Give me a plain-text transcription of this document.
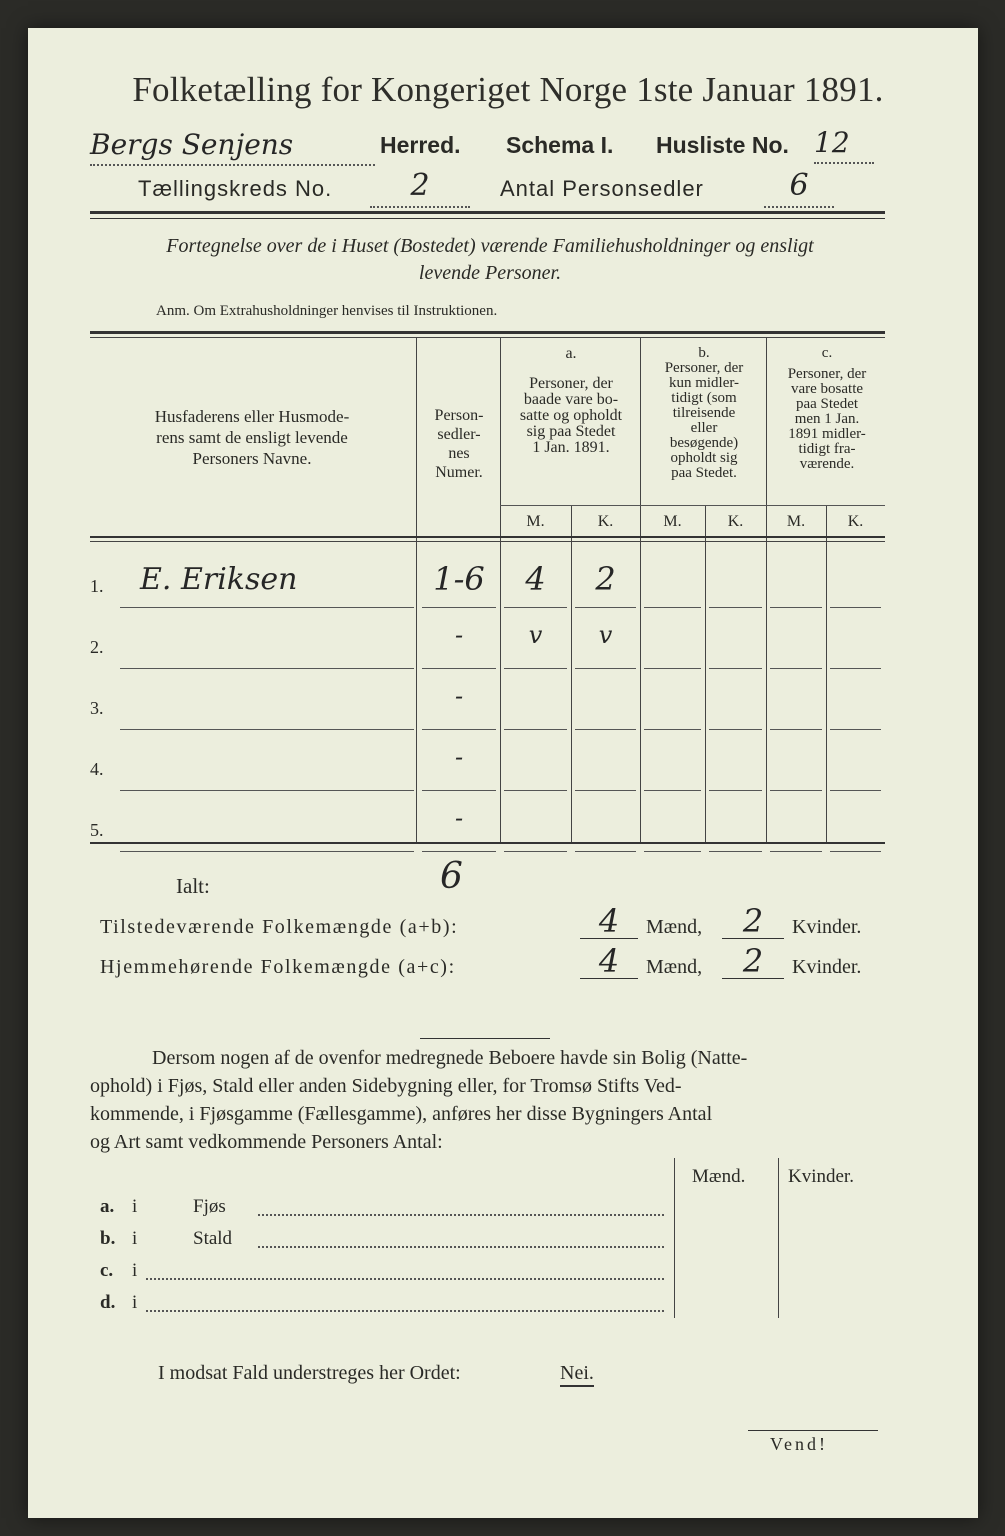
Folketælling for Kongeriget Norge 1ste Januar 1891.
Bergs Senjens	Herred. Schema I. Husliste No. 12
Tællingskreds No.	2	Antal Personsedler	6
Fortegnelse over de i Huset (Bostedet) værende Familiehusholdninger og ensligt
levende Personer.
Anm. Om Extrahusholdninger henvises til Instruktionen.
Husfaderens eller Husmode-
rens samt de ensligt levende
Personers Navne.
Person-
sedler-
nes
Numer.
a.
Personer, der
baade vare bo-
satte og opholdt
sig paa Stedet
1 Jan. 1891.
b.
Personer, der
kun midler-
tidigt (som
tilreisende
eller
besøgende)
opholdt sig
paa Stedet.
c.
Personer, der
vare bosatte
paa Stedet
men 1 Jan.
1891 midler-
tidigt fra-
værende.
M.	K.	M.	K.	M.	K.
1. E. Eriksen	1-6	4	2
2.	-	v	v
3.	-
4.	-
5.	-
Ialt:	6
Tilstedeværende Folkemængde (a+b):	4	Mænd,	2	Kvinder.
Hjemmehørende Folkemængde (a+c):	4	Mænd,	2	Kvinder.
Dersom nogen af de ovenfor medregnede Beboere havde sin Bolig (Natte-
ophold) i Fjøs, Stald eller anden Sidebygning eller, for Tromsø Stifts Ved-
kommende, i Fjøsgamme (Fællesgamme), anføres her disse Bygningers Antal
og Art samt vedkommende Personers Antal:
Mænd. Kvinder.
a. i	Fjøs
b. i	Stald
c. i
d. i
I modsat Fald understreges her Ordet:	Nei.
Vend!
